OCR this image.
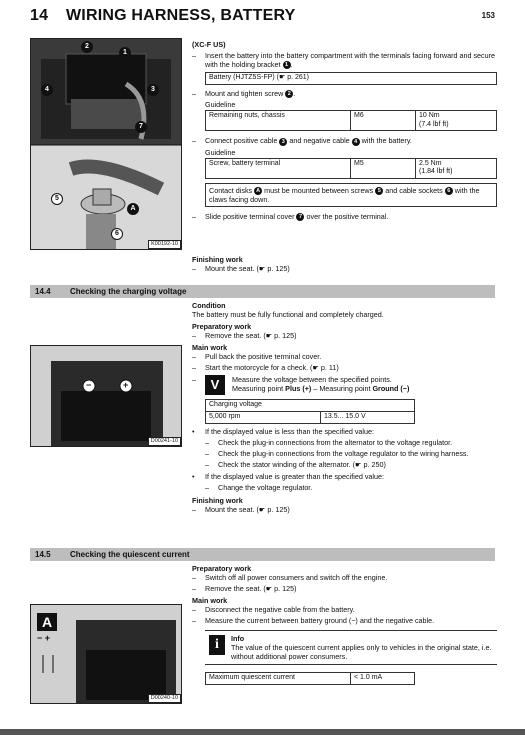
14 WIRING HARNESS, BATTERY	153
1
2
3
4
7
5
A
6
K00192-10
(XC-F US)
– Insert the battery into the battery compartment with the terminals facing forward and secure with the holding bracket 1 .
Battery (HJTZ5S-FP) (☛ p. 261)
– Mount and tighten screw 2 .
Guideline
Remaining nuts, chassis	M6	10 Nm
(7.4 lbf ft)
– Connect positive cable 3 and negative cable 4 with the battery.
Guideline
Screw, battery terminal	M5	2.5 Nm
(1.84 lbf ft)
Contact disks A must be mounted between screws 5 and cable sockets 6 with the claws facing down.
– Slide positive terminal cover 7 over the positive terminal.
Finishing work
– Mount the seat. (☛ p. 125)
14.4 Checking the charging voltage
−	+
D00241-10
Condition
The battery must be fully functional and completely charged.
Preparatory work
– Remove the seat. (☛ p. 125)
Main work
– Pull back the positive terminal cover.
– Start the motorcycle for a check. (☛ p. 11)
–	V	Measure the voltage between the specified points.
Measuring point Plus (+) – Measuring point Ground (−)
Charging voltage
5,000 rpm	13.5... 15.0 V
• If the displayed value is less than the specified value:
– Check the plug-in connections from the alternator to the voltage regulator.
– Check the plug-in connections from the voltage regulator to the wiring harness.
– Check the stator winding of the alternator. (☛ p. 250)
• If the displayed value is greater than the specified value:
– Change the voltage regulator.
Finishing work
– Mount the seat. (☛ p. 125)
14.5 Checking the quiescent current
A
− +
D00240-10
Preparatory work
– Switch off all power consumers and switch off the engine.
– Remove the seat. (☛ p. 125)
Main work
– Disconnect the negative cable from the battery.
– Measure the current between battery ground (−) and the negative cable.
i	Info
The value of the quiescent current applies only to vehicles in the original state, i.e. without additional power consumers.
Maximum quiescent current	< 1.0 mA
